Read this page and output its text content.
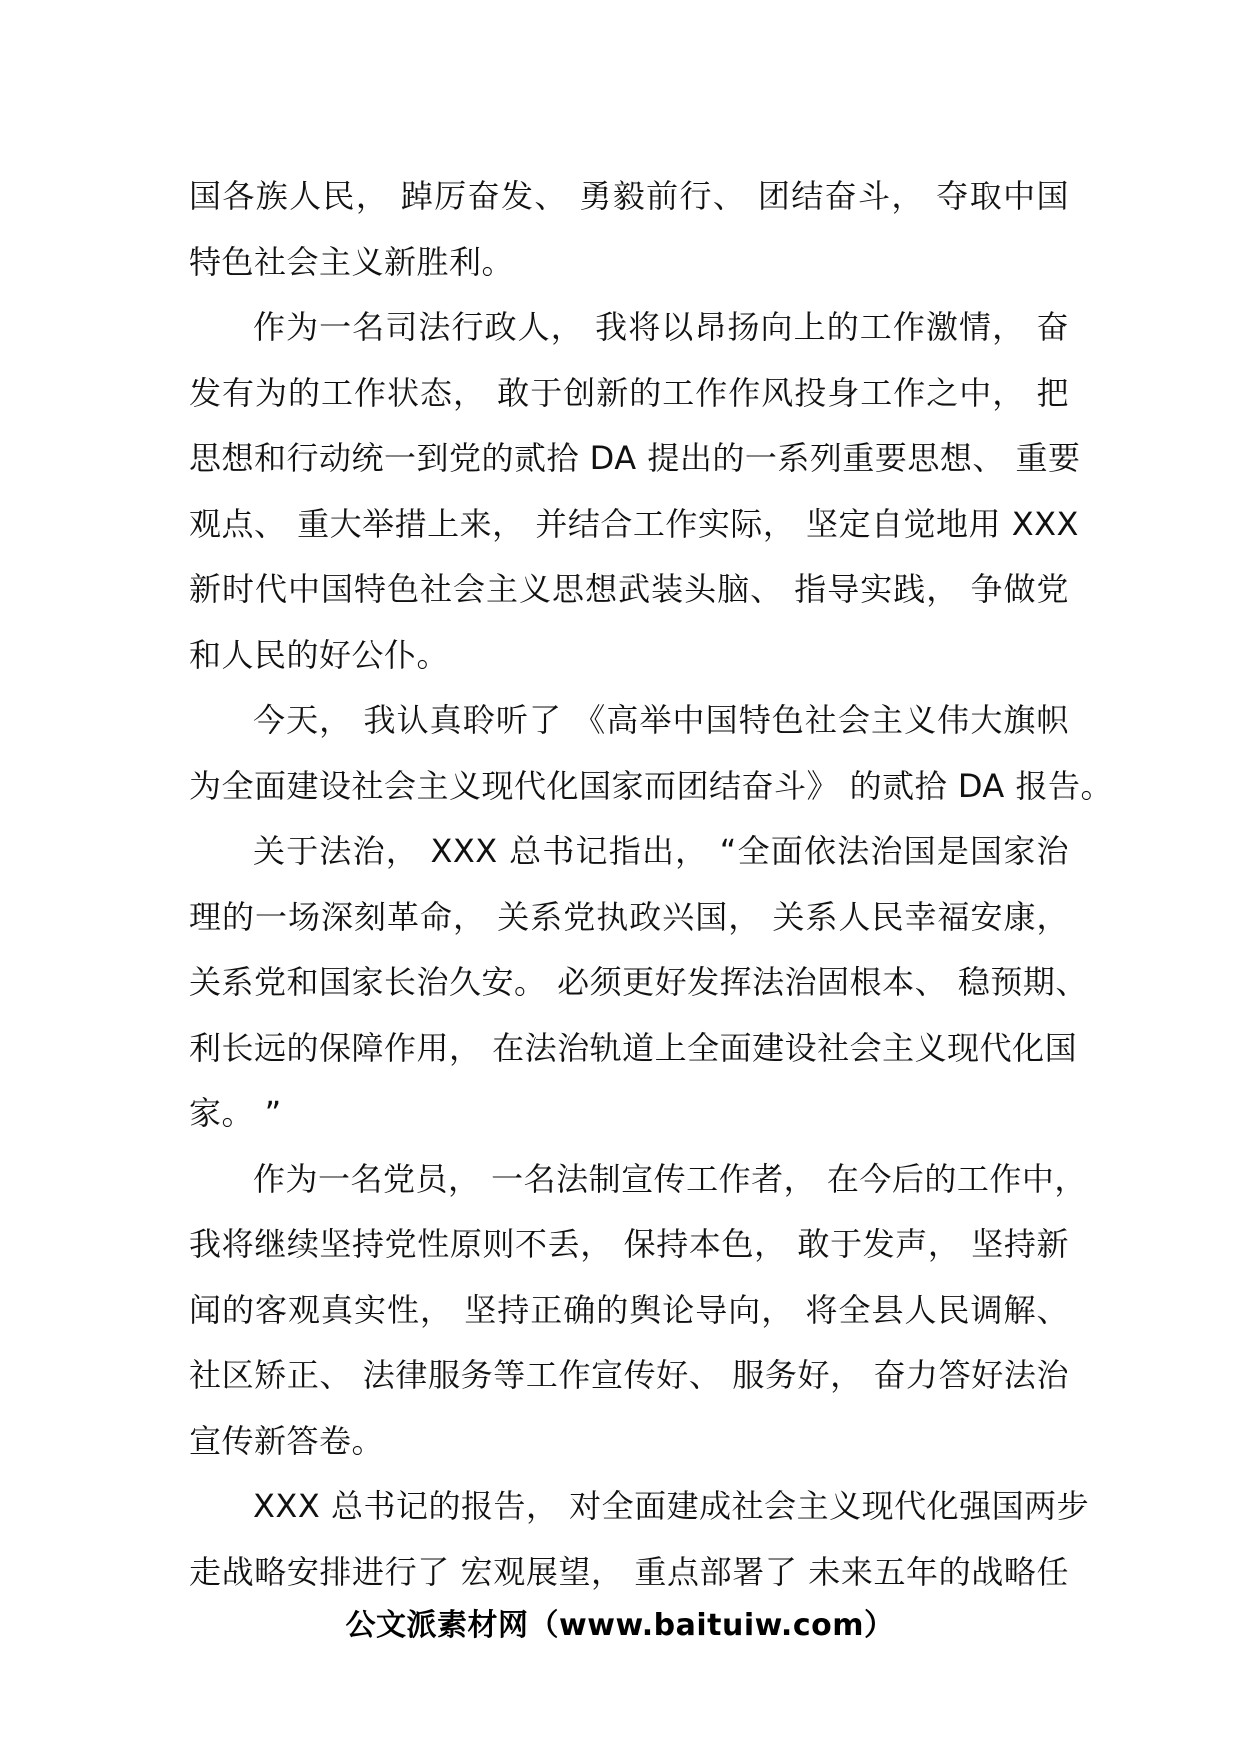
国各族人民， 踔厉奋发、 勇毅前行、 团结奋斗， 夺取中国
特色社会主义新胜利。
作为一名司法行政人， 我将以昂扬向上的工作激情， 奋
发有为的工作状态， 敢于创新的工作作风投身工作之中， 把
思想和行动统一到党的贰拾 DA 提出的一系列重要思想、 重要
观点、 重大举措上来， 并结合工作实际， 坚定自觉地用 XXX
新时代中国特色社会主义思想武装头脑、 指导实践， 争做党
和人民的好公仆。
今天， 我认真聆听了 《高举中国特色社会主义伟大旗帜
为全面建设社会主义现代化国家而团结奋斗》 的贰拾 DA 报告。
关于法治， XXX 总书记指出， “全面依法治国是国家治
理的一场深刻革命， 关系党执政兴国， 关系人民幸福安康，
关系党和国家长治久安。 必须更好发挥法治固根本、 稳预期、
利长远的保障作用， 在法治轨道上全面建设社会主义现代化国
家。 ”
作为一名党员， 一名法制宣传工作者， 在今后的工作中，
我将继续坚持党性原则不丢， 保持本色， 敢于发声， 坚持新
闻的客观真实性， 坚持正确的舆论导向， 将全县人民调解、
社区矫正、 法律服务等工作宣传好、 服务好， 奋力答好法治
宣传新答卷。
XXX 总书记的报告， 对全面建成社会主义现代化强国两步
走战略安排进行了 宏观展望， 重点部署了 未来五年的战略任
公文派素材网（www.baituiw.com）
